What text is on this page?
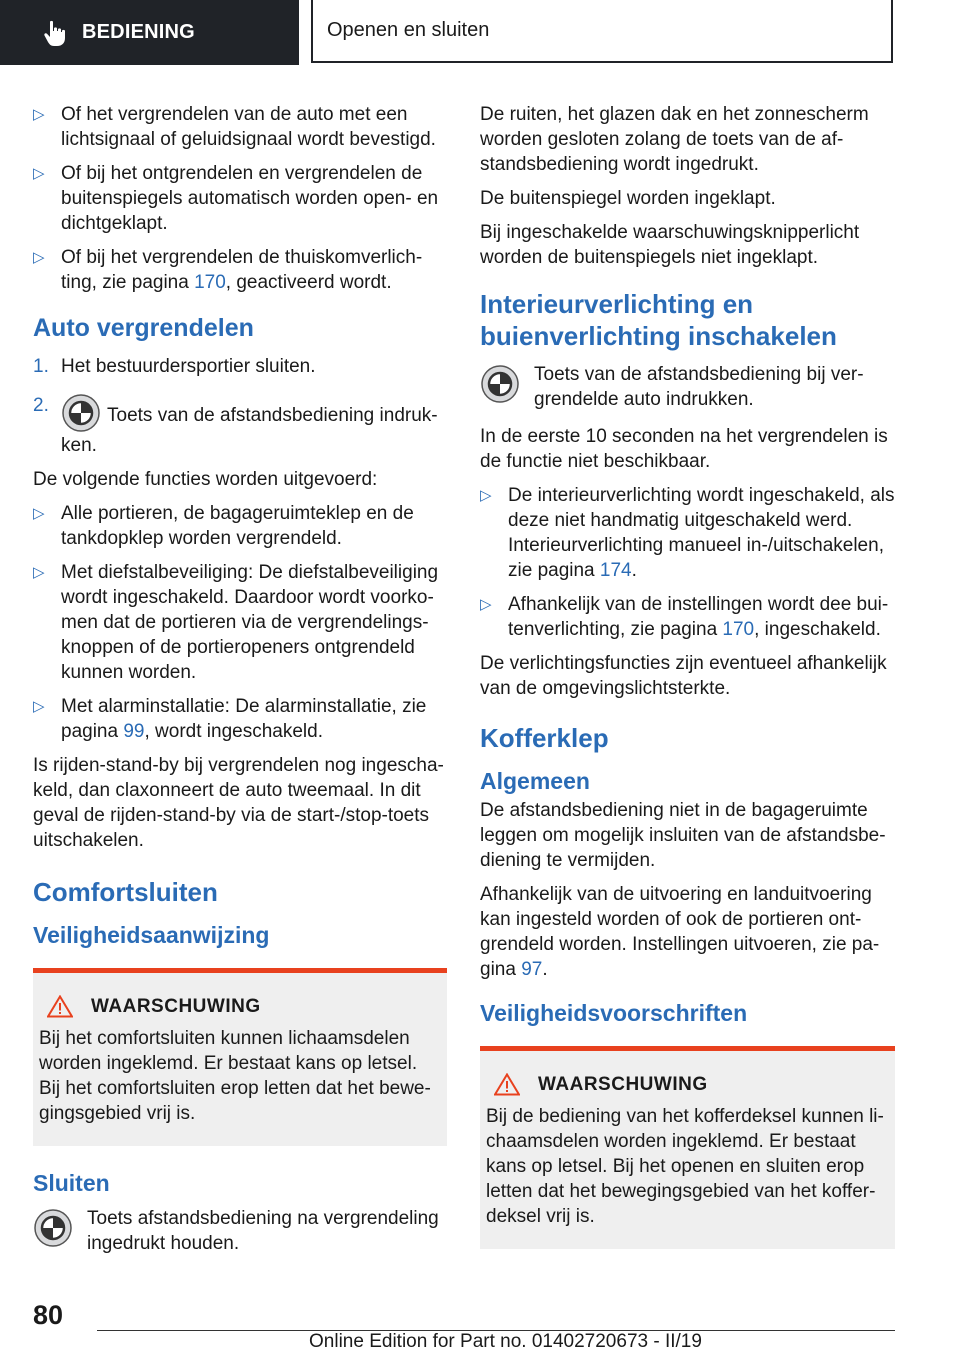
BEDIENING	Openen en sluiten
▷ Of het vergrendelen van de auto met een lichtsignaal of geluidsignaal wordt bevestigd.
▷ Of bij het ontgrendelen en vergrendelen de buitenspiegels automatisch worden open- en dichtgeklapt.
▷ Of bij het vergrendelen de thuiskomverlich-ting, zie pagina 170, geactiveerd wordt.
Auto vergrendelen
1. Het bestuurdersportier sluiten.
2.	Toets van de afstandsbediening indruk-ken.

De volgende functies worden uitgevoerd:

▷ Alle portieren, de bagageruimteklep en de tankdopklep worden vergrendeld.
▷ Met diefstalbeveiliging: De diefstalbeveiliging wordt ingeschakeld. Daardoor wordt voorko-men dat de portieren via de vergrendelings-knoppen of de portieropeners ontgrendeld kunnen worden.
▷ Met alarminstallatie: De alarminstallatie, zie pagina 99, wordt ingeschakeld.

Is rijden-stand-by bij vergrendelen nog ingescha-keld, dan claxonneert de auto tweemaal. In dit geval de rijden-stand-by via de start-/stop-toets uitschakelen.

Comfortsluiten
Veiligheidsaanwijzing
WAARSCHUWING

Bij het comfortsluiten kunnen lichaamsdelen worden ingeklemd. Er bestaat kans op letsel. Bij het comfortsluiten erop letten dat het bewe-gingsgebied vrij is.

Sluiten
Toets afstandsbediening na vergrendeling ingedrukt houden.

De ruiten, het glazen dak en het zonnescherm worden gesloten zolang de toets van de af-standsbediening wordt ingedrukt.

De buitenspiegel worden ingeklapt.

Bij ingeschakelde waarschuwingsknipperlicht worden de buitenspiegels niet ingeklapt.

Interieurverlichting en buienverlichting inschakelen
Toets van de afstandsbediening bij ver-grendelde auto indrukken.

In de eerste 10 seconden na het vergrendelen is de functie niet beschikbaar.

▷ De interieurverlichting wordt ingeschakeld, als deze niet handmatig uitgeschakeld werd. Interieurverlichting manueel in-/uitschakelen, zie pagina 174.
▷ Afhankelijk van de instellingen wordt dee bui-tenverlichting, zie pagina 170, ingeschakeld.

De verlichtingsfuncties zijn eventueel afhankelijk van de omgevingslichtsterkte.

Kofferklep
Algemeen

De afstandsbediening niet in de bagageruimte leggen om mogelijk insluiten van de afstandsbe-diening te vermijden.

Afhankelijk van de uitvoering en landuitvoering kan ingesteld worden of ook de portieren ont-grendeld worden. Instellingen uitvoeren, zie pa-gina 97.

Veiligheidsvoorschriften
WAARSCHUWING

Bij de bediening van het kofferdeksel kunnen li-chaamsdelen worden ingeklemd. Er bestaat kans op letsel. Bij het openen en sluiten erop letten dat het bewegingsgebied van het koffer-deksel vrij is.

80
Online Edition for Part no. 01402720673 - II/19
